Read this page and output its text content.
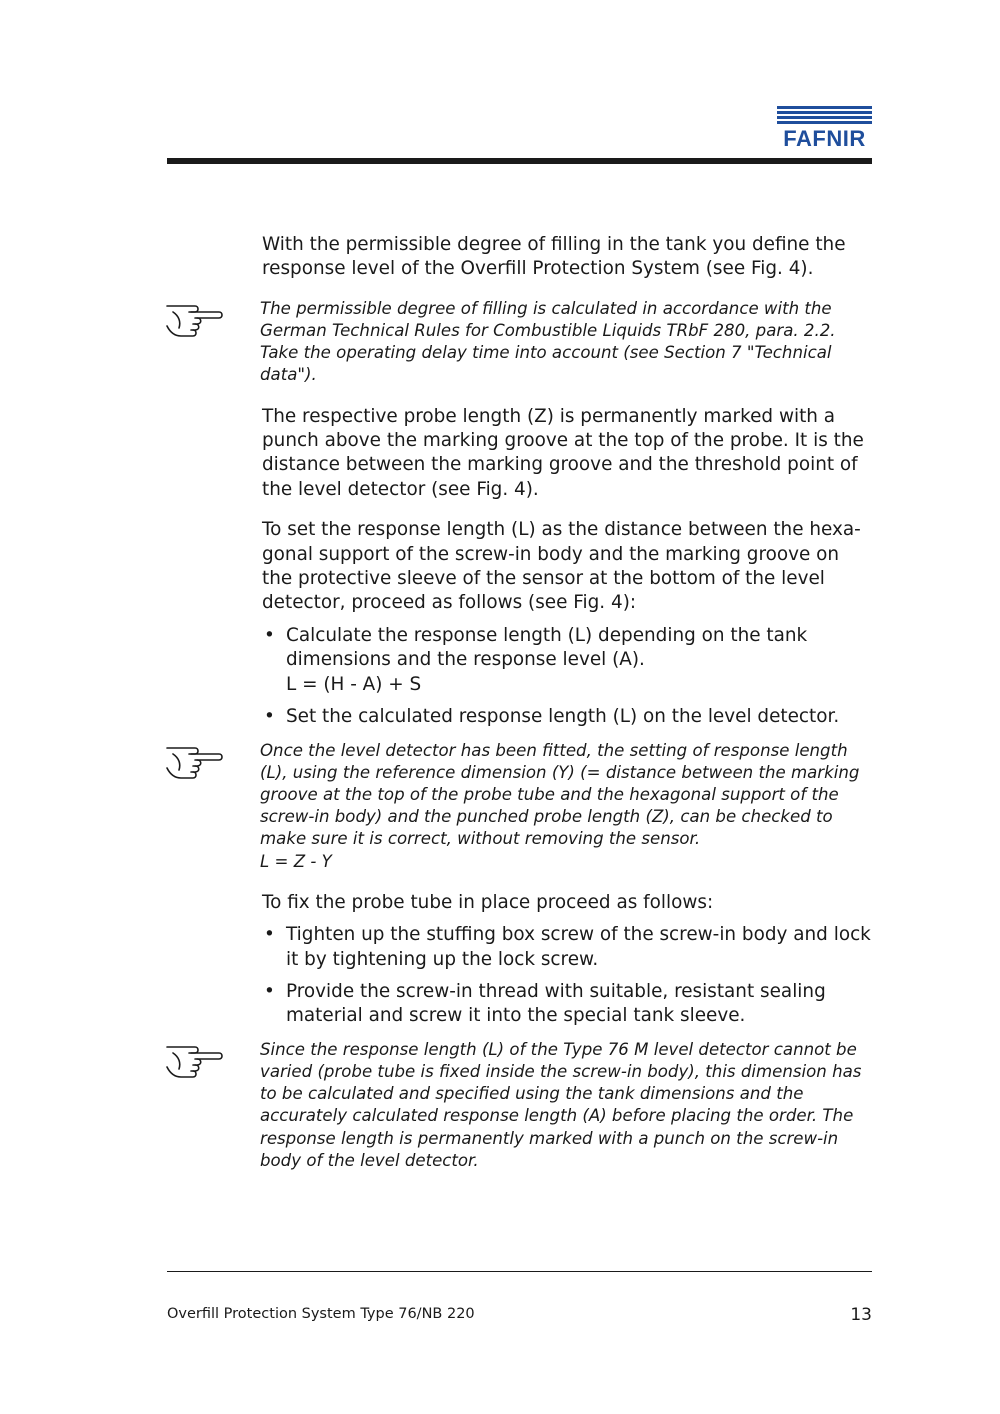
FAFNIR

With the permissible degree of filling in the tank you define the response level of the Overfill Protection System (see Fig. 4).

The permissible degree of filling is calculated in accordance with the German Technical Rules for Combustible Liquids TRbF 280, para. 2.2. Take the operating delay time into account (see Section 7 "Technical data").

The respective probe length (Z) is permanently marked with a punch above the marking groove at the top of the probe. It is the distance between the marking groove and the threshold point of the level detector (see Fig. 4).

To set the response length (L) as the distance between the hexagonal support of the screw-in body and the marking groove on the protective sleeve of the sensor at the bottom of the level detector, proceed as follows (see Fig. 4):

• Calculate the response length (L) depending on the tank dimensions and the response level (A).
L = (H - A) + S
• Set the calculated response length (L) on the level detector.
Once the level detector has been fitted, the setting of response length (L), using the reference dimension (Y) (= distance between the marking groove at the top of the probe tube and the hexagonal support of the screw-in body) and the punched probe length (Z), can be checked to make sure it is correct, without removing the sensor.
L = Z - Y

To fix the probe tube in place proceed as follows:

• Tighten up the stuffing box screw of the screw-in body and lock it by tightening up the lock screw.
• Provide the screw-in thread with suitable, resistant sealing material and screw it into the special tank sleeve.
Since the response length (L) of the Type 76 M level detector cannot be varied (probe tube is fixed inside the screw-in body), this dimension has to be calculated and specified using the tank dimensions and the accurately calculated response length (A) before placing the order. The response length is permanently marked with a punch on the screw-in body of the level detector.
Overfill Protection System Type 76/NB 220	13
